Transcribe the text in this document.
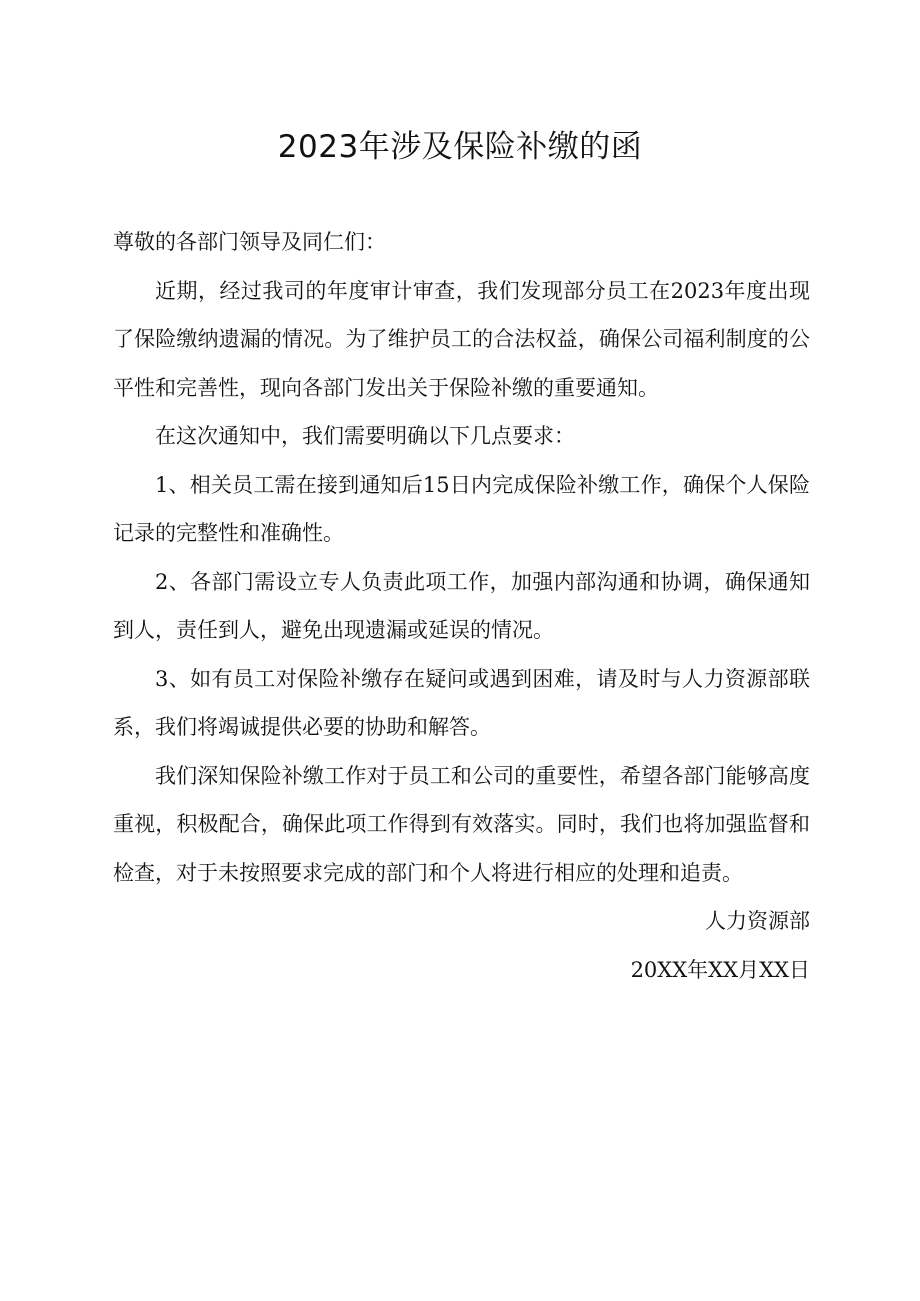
2023年涉及保险补缴的函

尊敬的各部门领导及同仁们：

近期，经过我司的年度审计审查，我们发现部分员工在2023年度出现了保险缴纳遗漏的情况。为了维护员工的合法权益，确保公司福利制度的公平性和完善性，现向各部门发出关于保险补缴的重要通知。

在这次通知中，我们需要明确以下几点要求：

1、相关员工需在接到通知后15日内完成保险补缴工作，确保个人保险记录的完整性和准确性。

2、各部门需设立专人负责此项工作，加强内部沟通和协调，确保通知到人，责任到人，避免出现遗漏或延误的情况。

3、如有员工对保险补缴存在疑问或遇到困难，请及时与人力资源部联系，我们将竭诚提供必要的协助和解答。

我们深知保险补缴工作对于员工和公司的重要性，希望各部门能够高度重视，积极配合，确保此项工作得到有效落实。同时，我们也将加强监督和检查，对于未按照要求完成的部门和个人将进行相应的处理和追责。

人力资源部

20XX年XX月XX日
